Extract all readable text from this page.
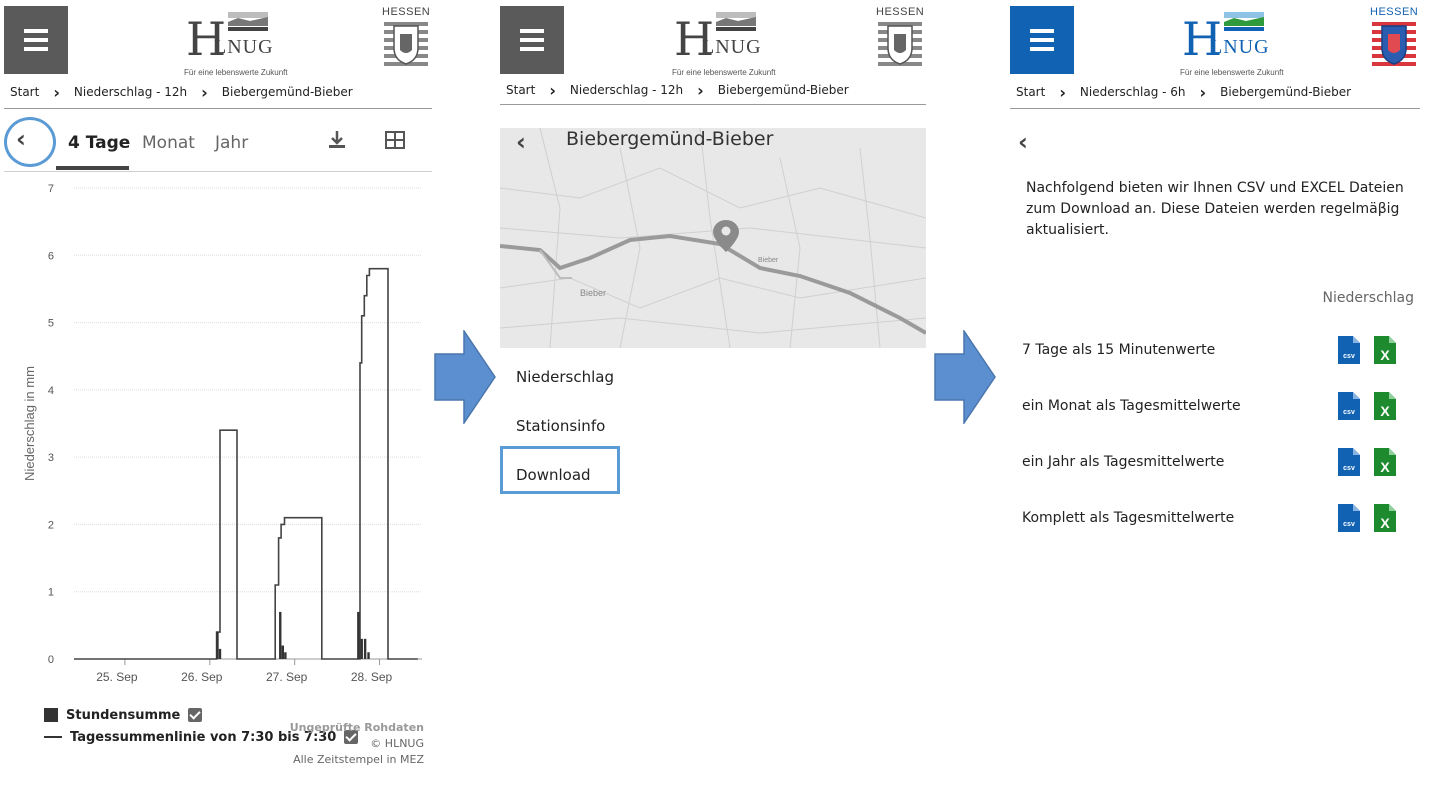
H
LNUG
Für eine lebenswerte Zukunft
HESSEN
Start › Niederschlag - 12h › Biebergemünd-Bieber
‹ 4 Tage Monat Jahr
0
1
2
3
4
5
6
7
Niederschlag in mm
25. Sep	26. Sep	27. Sep	28. Sep
Stundensumme
Tagessummenlinie von 7:30 bis 7:30
Ungeprüfte Rohdaten
© HLNUG
Alle Zeitstempel in MEZ
H
LNUG
Für eine lebenswerte Zukunft
HESSEN
Start › Niederschlag - 12h › Biebergemünd-Bieber
Bieber
Bieber
‹ Biebergemünd-Bieber
Niederschlag
Stationsinfo
Download
H
LNUG
Für eine lebenswerte Zukunft
HESSEN
Start › Niederschlag - 6h › Biebergemünd-Bieber
‹
Nachfolgend bieten wir Ihnen CSV und EXCEL Dateien zum Download an. Diese Dateien werden regelmäβig aktualisiert.
Niederschlag
7 Tage als 15 Minutenwerte	csv X
ein Monat als Tagesmittelwerte	csv X
ein Jahr als Tagesmittelwerte	csv X
Komplett als Tagesmittelwerte	csv X
